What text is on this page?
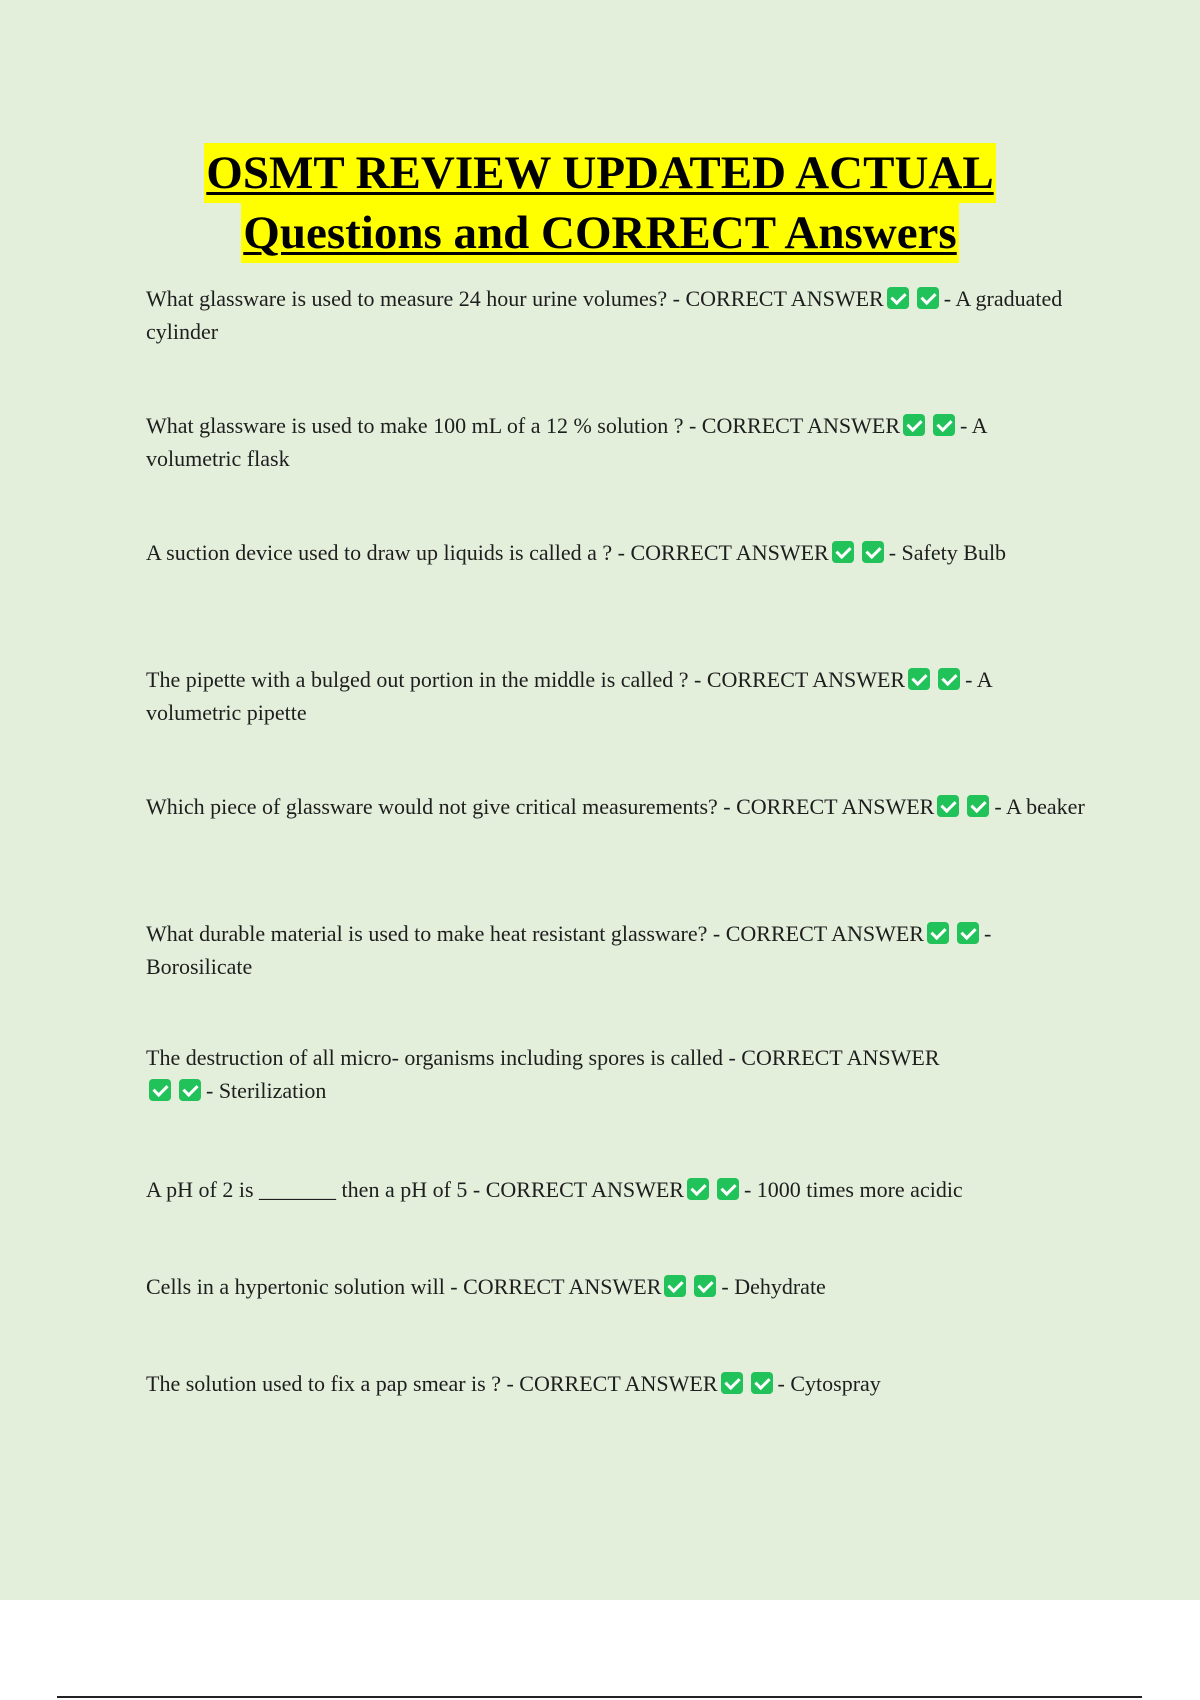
OSMT REVIEW UPDATED ACTUAL
Questions and CORRECT Answers
What glassware is used to measure 24 hour urine volumes? - CORRECT ANSWER	- A graduated cylinder
What glassware is used to make 100 mL of a 12 % solution ? - CORRECT ANSWER	- A volumetric flask
A suction device used to draw up liquids is called a ? - CORRECT ANSWER	- Safety Bulb
The pipette with a bulged out portion in the middle is called ? - CORRECT ANSWER	- A volumetric pipette
Which piece of glassware would not give critical measurements? - CORRECT ANSWER	- A beaker
What durable material is used to make heat resistant glassware? - CORRECT ANSWER	- Borosilicate
The destruction of all micro- organisms including spores is called - CORRECT ANSWER- Sterilization
A pH of 2 is _______ then a pH of 5 - CORRECT ANSWER	- 1000 times more acidic
Cells in a hypertonic solution will - CORRECT ANSWER	- Dehydrate
The solution used to fix a pap smear is ? - CORRECT ANSWER	- Cytospray
